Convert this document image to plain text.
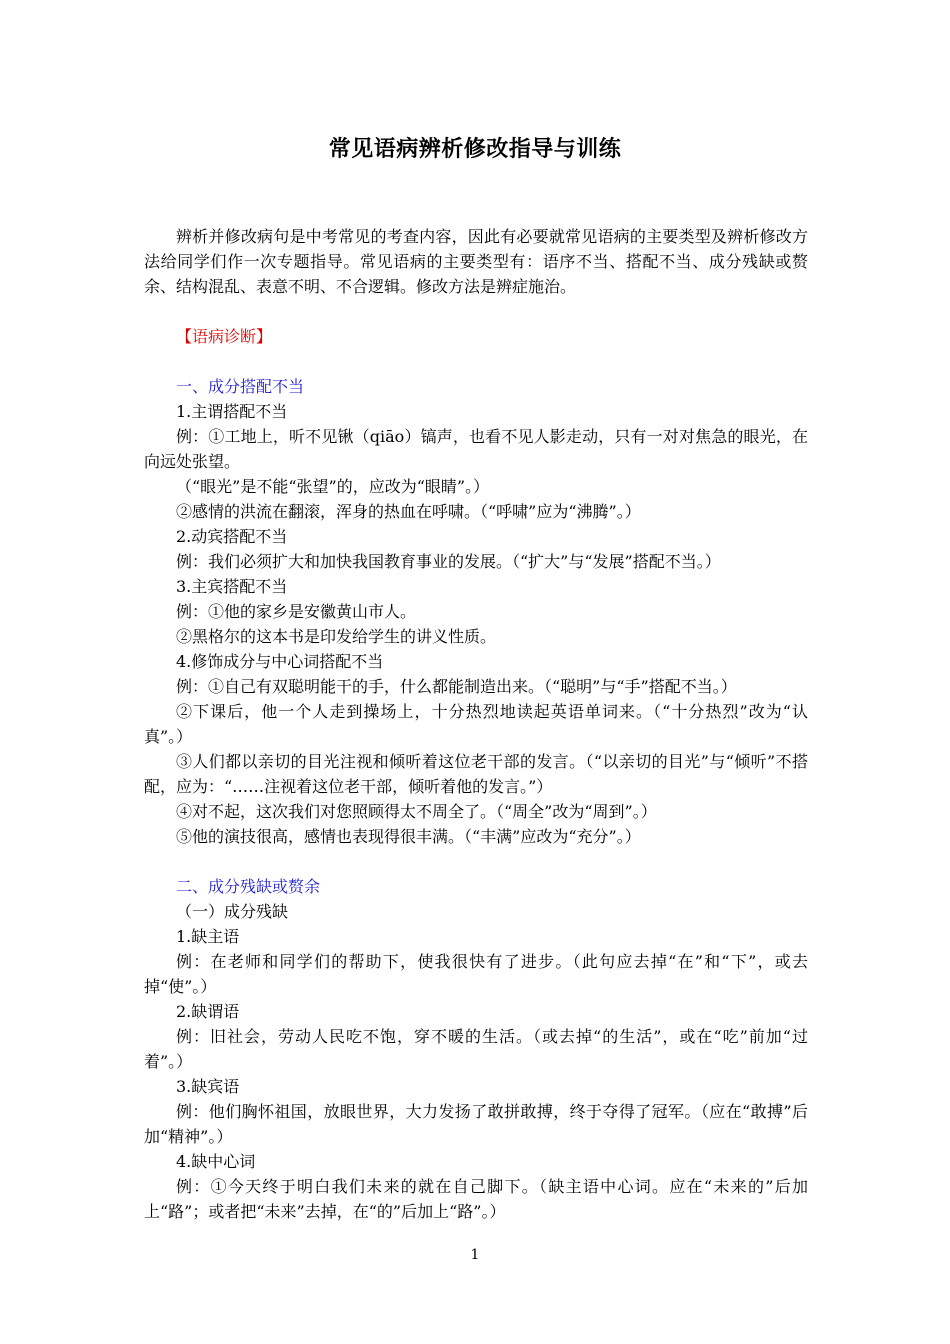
常见语病辨析修改指导与训练

辨析并修改病句是中考常见的考查内容，因此有必要就常见语病的主要类型及辨析修改方法给同学们作一次专题指导。常见语病的主要类型有：语序不当、搭配不当、成分残缺或赘余、结构混乱、表意不明、不合逻辑。修改方法是辨症施治。

【语病诊断】

一、成分搭配不当

1.主谓搭配不当

例：①工地上，听不见锹（qiāo）镐声，也看不见人影走动，只有一对对焦急的眼光，在向远处张望。

（“眼光”是不能“张望”的，应改为“眼睛”。）

②感情的洪流在翻滚，浑身的热血在呼啸。（“呼啸”应为“沸腾”。）

2.动宾搭配不当

例：我们必须扩大和加快我国教育事业的发展。（“扩大”与“发展”搭配不当。）

3.主宾搭配不当

例：①他的家乡是安徽黄山市人。

②黑格尔的这本书是印发给学生的讲义性质。

4.修饰成分与中心词搭配不当

例：①自己有双聪明能干的手，什么都能制造出来。（“聪明”与“手”搭配不当。）

②下课后，他一个人走到操场上，十分热烈地读起英语单词来。（“十分热烈”改为“认真”。）

③人们都以亲切的目光注视和倾听着这位老干部的发言。（“以亲切的目光”与“倾听”不搭配，应为：“……注视着这位老干部，倾听着他的发言。”）

④对不起，这次我们对您照顾得太不周全了。（“周全”改为“周到”。）

⑤他的演技很高，感情也表现得很丰满。（“丰满”应改为“充分”。）

二、成分残缺或赘余

（一）成分残缺

1.缺主语

例：在老师和同学们的帮助下，使我很快有了进步。（此句应去掉“在”和“下”，或去掉“使”。）

2.缺谓语

例：旧社会，劳动人民吃不饱，穿不暖的生活。（或去掉“的生活”，或在“吃”前加“过着”。）

3.缺宾语

例：他们胸怀祖国，放眼世界，大力发扬了敢拼敢搏，终于夺得了冠军。（应在“敢搏”后加“精神”。）

4.缺中心词

例：①今天终于明白我们未来的就在自己脚下。（缺主语中心词。应在“未来的”后加上“路”；或者把“未来”去掉，在“的”后加上“路”。）

1
